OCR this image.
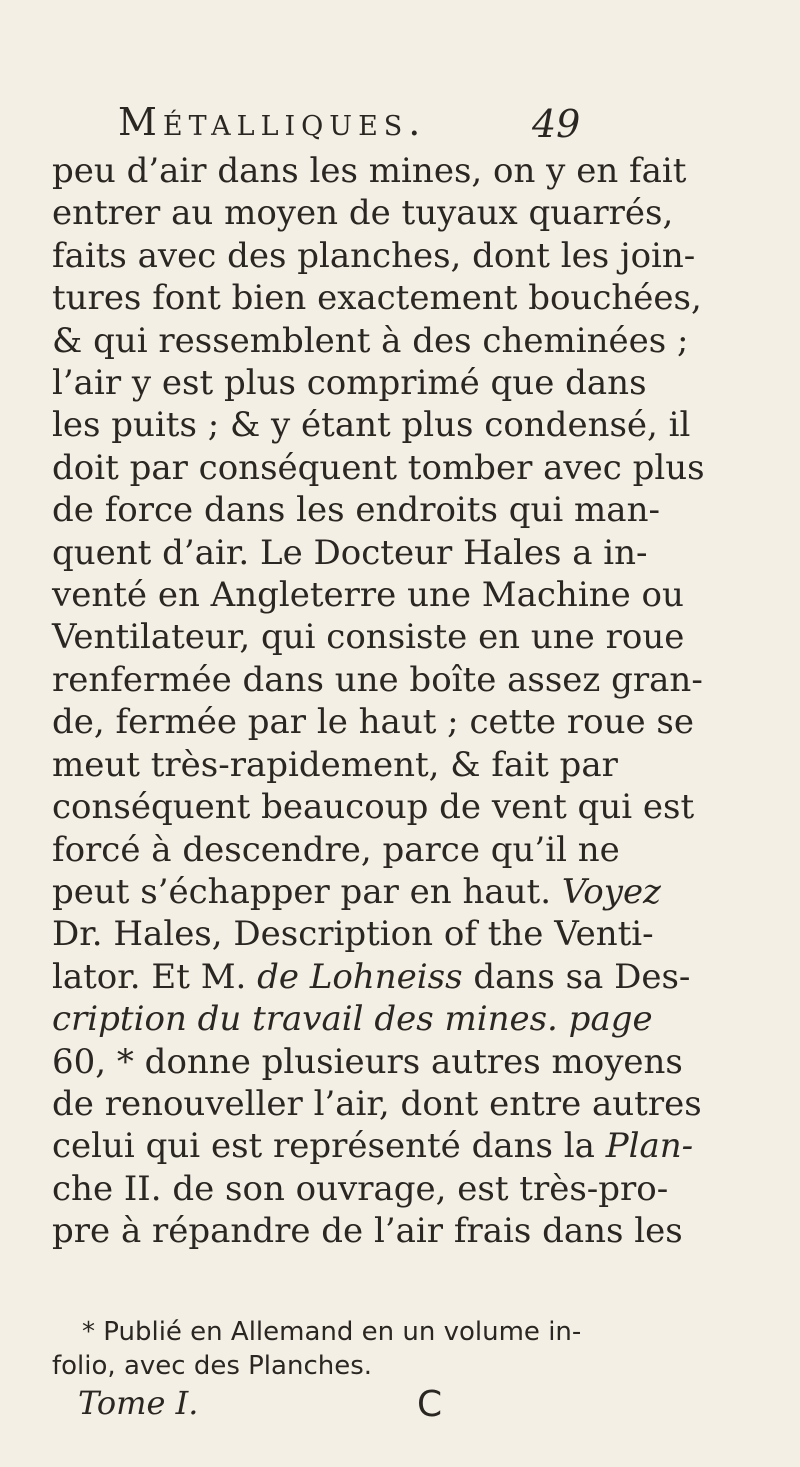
Métalliques.	49
peu d’air dans les mines, on y en fait
entrer au moyen de tuyaux quarrés,
faits avec des planches, dont les join-
tures font bien exactement bouchées,
& qui ressemblent à des cheminées ;
l’air y est plus comprimé que dans
les puits ; & y étant plus condensé, il
doit par conséquent tomber avec plus
de force dans les endroits qui man-
quent d’air. Le Docteur Hales a in-
venté en Angleterre une Machine ou
Ventilateur, qui consiste en une roue
renfermée dans une boîte assez gran-
de, fermée par le haut ; cette roue se
meut très-rapidement, & fait par
conséquent beaucoup de vent qui est
forcé à descendre, parce qu’il ne
peut s’échapper par en haut. Voyez
Dr. Hales, Description of the Venti-
lator. Et M. de Lohneiss dans sa Des-
cription du travail des mines. page
60, * donne plusieurs autres moyens
de renouveller l’air, dont entre autres
celui qui est représenté dans la Plan-
che II. de son ouvrage, est très-pro-
pre à répandre de l’air frais dans les
* Publié en Allemand en un volume in-
folio, avec des Planches.
Tome I.	C
